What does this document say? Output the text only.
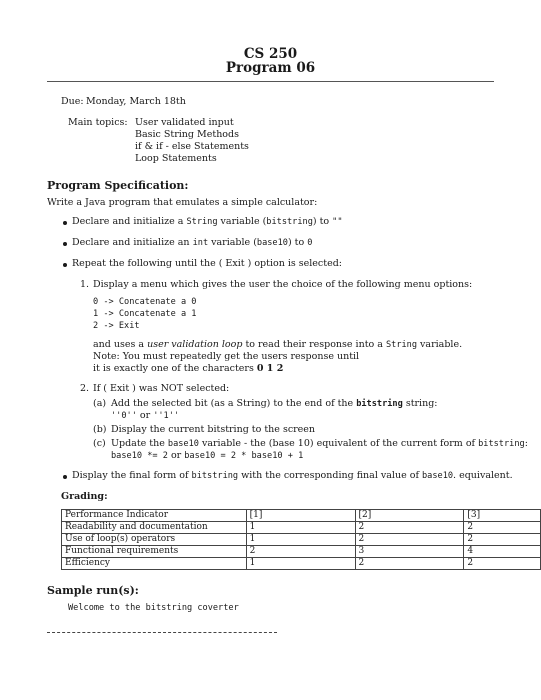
CS 250
Program 06
Due: Monday, March 18th
Main topics: User validated input
Basic String Methods
if & if - else Statements
Loop Statements
Program Specification:
Write a Java program that emulates a simple calculator:
Declare and initialize a String variable (bitstring) to ""
Declare and initialize an int variable (base10) to 0
Repeat the following until the ( Exit ) option is selected:
1. Display a menu which gives the user the choice of the following menu options:
0 -> Concatenate a 0
1 -> Concatenate a 1
2 -> Exit
and uses a user validation loop to read their response into a String variable.
Note: You must repeatedly get the users response until
it is exactly one of the characters 0 1 2
2. If ( Exit ) was NOT selected:
(a) Add the selected bit (as a String) to the end of the bitstring string:
''0'' or ''1''
(b) Display the current bitstring to the screen
(c) Update the base10 variable - the (base 10) equivalent of the current form of bitstring:
base10 *= 2 or base10 = 2 * base10 + 1
Display the final form of bitstring with the corresponding final value of base10. equivalent.
Grading:
Performance Indicator	[1]	[2]	[3]
Readability and documentation	1	2	2
Use of loop(s) operators	1	2	2
Functional requirements	2	3	4
Efficiency	1	2	2
Sample run(s):
Welcome to the bitstring coverter
